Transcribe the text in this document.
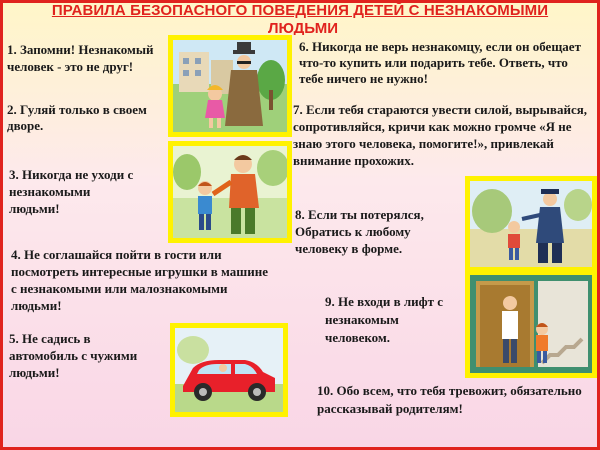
ПРАВИЛА БЕЗОПАСНОГО ПОВЕДЕНИЯ ДЕТЕЙ С НЕЗНАКОМЫМИ
ЛЮДЬМИ

1. Запомни! Незнакомый человек - это не друг!

6. Никогда не верь незнакомцу, если он обещает что-то купить или подарить тебе. Ответь, что тебе ничего не нужно!

2. Гуляй только в своем дворе.

7. Если тебя стараются увести силой, вырывайся, сопротивляйся, кричи как можно громче «Я не знаю этого человека, помогите!», привлекай внимание прохожих.

3. Никогда не уходи с незнакомыми людьми!	8. Если ты потерялся, Обратись к любому человеку в форме.

4. Не соглашайся пойти в гости или посмотреть интересные игрушки в машине с незнакомыми или малознакомыми людьми!	9. Не входи в лифт с незнакомым человеком.

5. Не садись в автомобиль с чужими людьми!

10. Обо всем, что тебя тревожит, обязательно рассказывай родителям!
